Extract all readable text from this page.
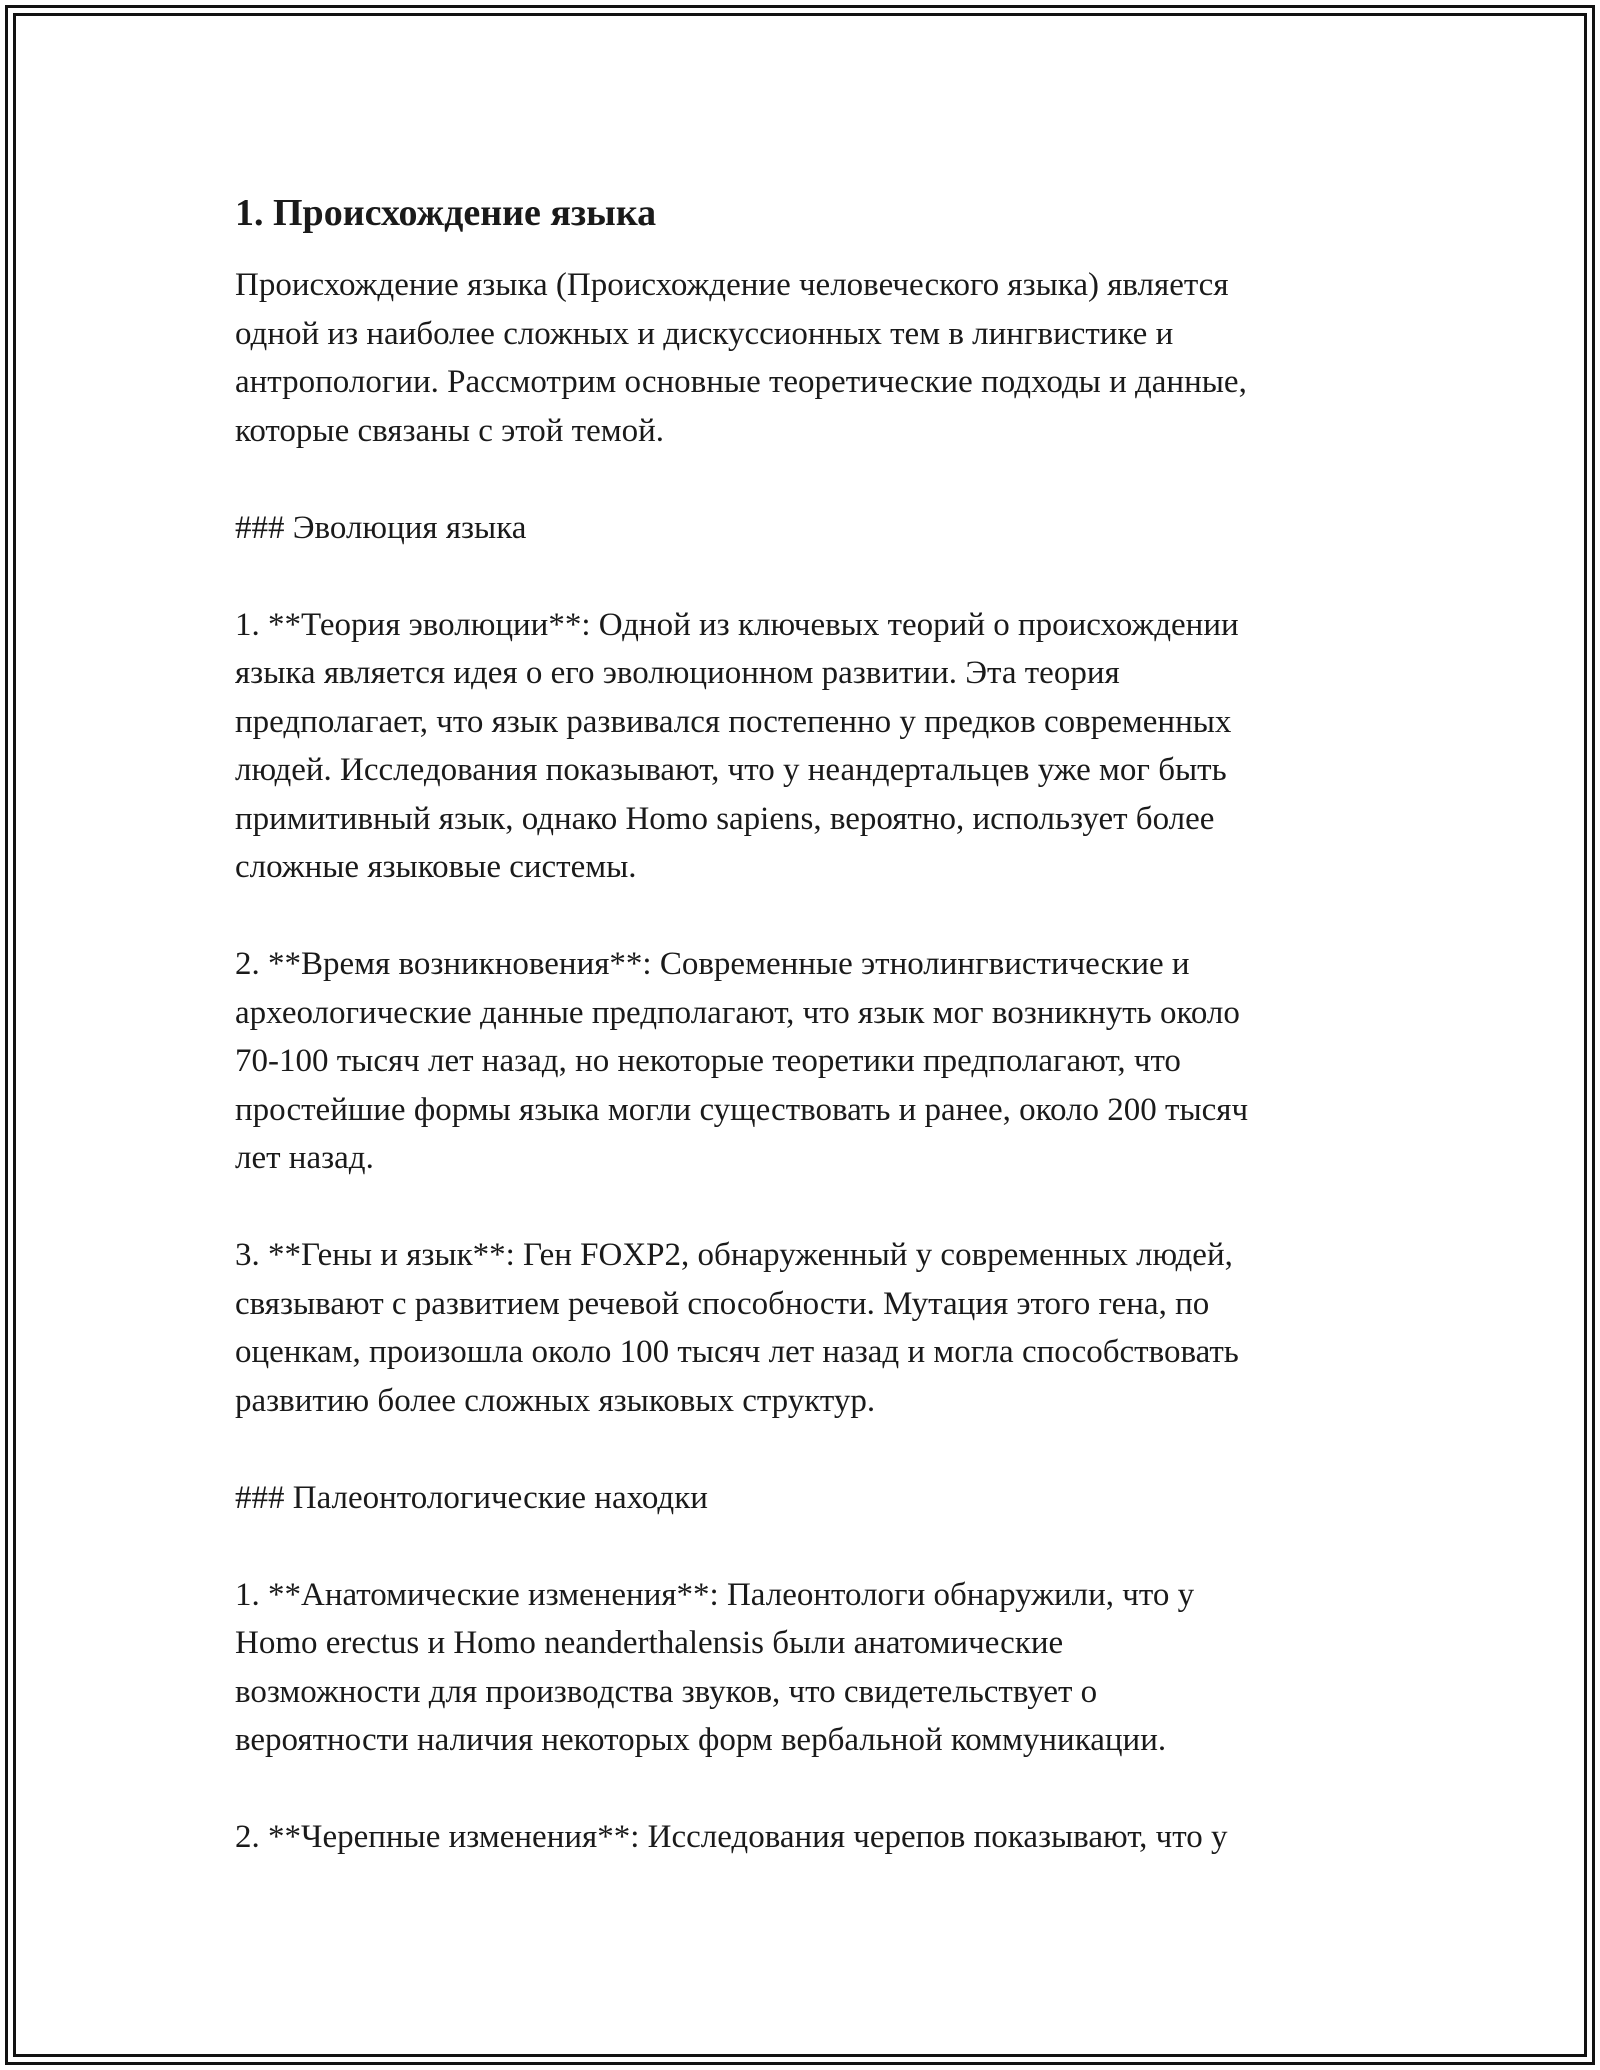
1. Происхождение языка

Происхождение языка (Происхождение человеческого языка) является
одной из наиболее сложных и дискуссионных тем в лингвистике и
антропологии. Рассмотрим основные теоретические подходы и данные,
которые связаны с этой темой.

### Эволюция языка

1. **Теория эволюции**: Одной из ключевых теорий о происхождении
языка является идея о его эволюционном развитии. Эта теория
предполагает, что язык развивался постепенно у предков современных
людей. Исследования показывают, что у неандертальцев уже мог быть
примитивный язык, однако Homo sapiens, вероятно, использует более
сложные языковые системы.

2. **Время возникновения**: Современные этнолингвистические и
археологические данные предполагают, что язык мог возникнуть около
70-100 тысяч лет назад, но некоторые теоретики предполагают, что
простейшие формы языка могли существовать и ранее, около 200 тысяч
лет назад.

3. **Гены и язык**: Ген FOXP2, обнаруженный у современных людей,
связывают с развитием речевой способности. Мутация этого гена, по
оценкам, произошла около 100 тысяч лет назад и могла способствовать
развитию более сложных языковых структур.

### Палеонтологические находки

1. **Анатомические изменения**: Палеонтологи обнаружили, что у
Homo erectus и Homo neanderthalensis были анатомические
возможности для производства звуков, что свидетельствует о
вероятности наличия некоторых форм вербальной коммуникации.

2. **Черепные изменения**: Исследования черепов показывают, что у
